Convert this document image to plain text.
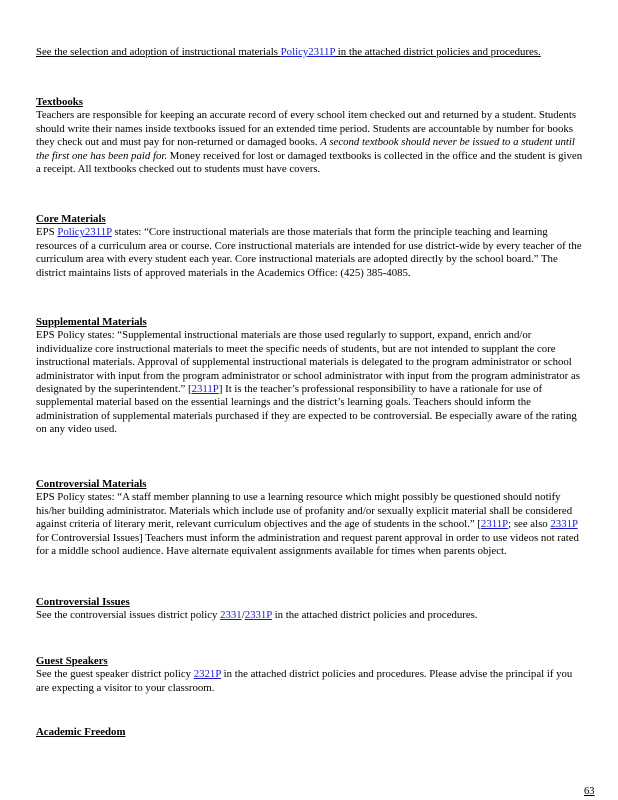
See the selection and adoption of instructional materials Policy2311P in the attached district policies and procedures.
Textbooks
Teachers are responsible for keeping an accurate record of every school item checked out and returned by a student. Students should write their names inside textbooks issued for an extended time period. Students are accountable by number for books they check out and must pay for non-returned or damaged books. A second textbook should never be issued to a student until the first one has been paid for. Money received for lost or damaged textbooks is collected in the office and the student is given a receipt. All textbooks checked out to students must have covers.
Core Materials
EPS Policy2311P states: “Core instructional materials are those materials that form the principle teaching and learning resources of a curriculum area or course. Core instructional materials are intended for use district-wide by every teacher of the curriculum area with every student each year. Core instructional materials are adopted directly by the school board.” The district maintains lists of approved materials in the Academics Office: (425) 385-4085.
Supplemental Materials
EPS Policy states: “Supplemental instructional materials are those used regularly to support, expand, enrich and/or individualize core instructional materials to meet the specific needs of students, but are not intended to supplant the core instructional materials. Approval of supplemental instructional materials is delegated to the program administrator or school administrator with input from the program administrator or school administrator with input from the program administrator as designated by the superintendent.” [2311P] It is the teacher’s professional responsibility to have a rationale for use of supplemental material based on the essential learnings and the district’s learning goals. Teachers should inform the administration of supplemental materials purchased if they are expected to be controversial. Be especially aware of the rating on any video used.
Controversial Materials
EPS Policy states: “A staff member planning to use a learning resource which might possibly be questioned should notify his/her building administrator. Materials which include use of profanity and/or sexually explicit material shall be considered against criteria of literary merit, relevant curriculum objectives and the age of students in the school.” [2311P; see also 2331P for Controversial Issues] Teachers must inform the administration and request parent approval in order to use videos not rated for a middle school audience. Have alternate equivalent assignments available for times when parents object.
Controversial Issues
See the controversial issues district policy 2331/2331P in the attached district policies and procedures.
Guest Speakers
See the guest speaker district policy 2321P in the attached district policies and procedures. Please advise the principal if you are expecting a visitor to your classroom.
Academic Freedom
63
